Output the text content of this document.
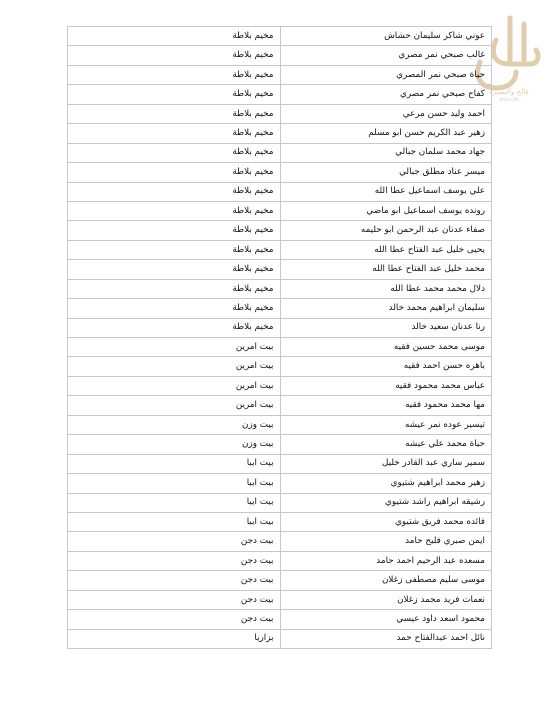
فالح والبصيرة
BALCOM
عوني شاكر سليمان حشاش	مخيم بلاطة
غالب صبحي نمر مصري	مخيم بلاطة
حياة صبحي نمر المصري	مخيم بلاطة
كفاح صبحي نمر مصري	مخيم بلاطة
احمد وليد حسن مرعي	مخيم بلاطة
زهير عبد الكريم حسن ابو مسلم	مخيم بلاطة
جهاد محمد سلمان جبالي	مخيم بلاطة
ميسر عناد مطلق جبالي	مخيم بلاطة
علي يوسف اسماعيل عطا الله	مخيم بلاطة
رونده يوسف اسماعيل ابو ماضي	مخيم بلاطة
صفاء عدنان عبد الرحمن ابو حليمه	مخيم بلاطة
يحيى خليل عبد الفتاح عطا الله	مخيم بلاطة
محمد خليل عبد الفتاح عطا الله	مخيم بلاطة
دلال محمد محمد عطا الله	مخيم بلاطة
سليمان ابراهيم محمد خالد	مخيم بلاطة
رنا عدنان سعيد خالد	مخيم بلاطة
موسى محمد حسين فقيه	بيت امرين
باهره حسن احمد فقيه	بيت امرين
عباس محمد محمود فقيه	بيت امرين
مها محمد محمود فقيه	بيت امرين
تيسير عوده نمر عيشه	بيت وزن
حياة محمد علي عيشه	بيت وزن
سمير ساري عبد القادر خليل	بيت ايبا
زهير محمد ابراهيم شتيوي	بيت ايبا
رشيقه ابراهيم راشد شتيوي	بيت ايبا
فائده محمد فريق شتيوي	بيت ايبا
ايمن صبري فليح حامد	بيت دجن
مسعده عبد الرحيم احمد حامد	بيت دجن
موسى سليم مصطفى زغلان	بيت دجن
نعمات فريد محمد زغلان	بيت دجن
محمود اسعد داود عيسي	بيت دجن
نائل احمد عبدالفتاح حمد	بزاريا
